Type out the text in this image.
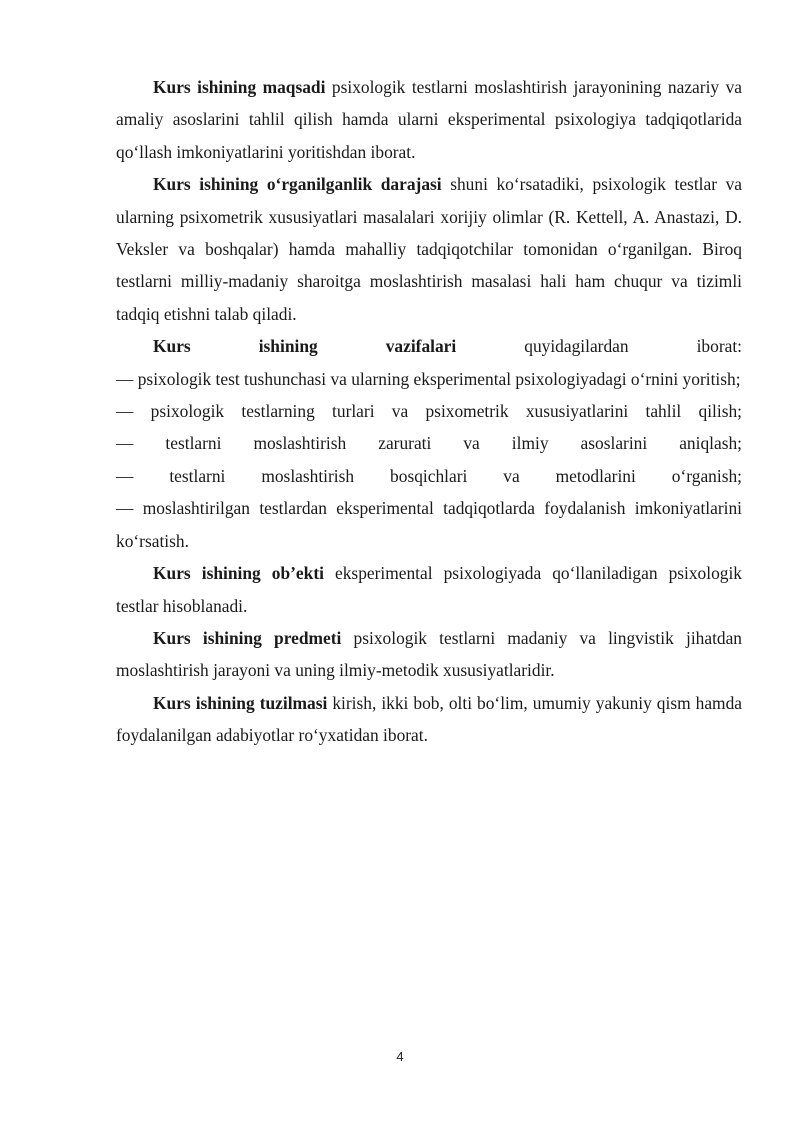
Kurs ishining maqsadi psixologik testlarni moslashtirish jarayonining nazariy va amaliy asoslarini tahlil qilish hamda ularni eksperimental psixologiya tadqiqotlarida qo‘llash imkoniyatlarini yoritishdan iborat.

Kurs ishining o‘rganilganlik darajasi shuni ko‘rsatadiki, psixologik testlar va ularning psixometrik xususiyatlari masalalari xorijiy olimlar (R. Kettell, A. Anastazi, D. Veksler va boshqalar) hamda mahalliy tadqiqotchilar tomonidan o‘rganilgan. Biroq testlarni milliy-madaniy sharoitga moslashtirish masalasi hali ham chuqur va tizimli tadqiq etishni talab qiladi.

Kurs ishining vazifalari quyidagilardan iborat:

— psixologik test tushunchasi va ularning eksperimental psixologiyadagi o‘rnini yoritish;

— psixologik testlarning turlari va psixometrik xususiyatlarini tahlil qilish;

— testlarni moslashtirish zarurati va ilmiy asoslarini aniqlash;

— testlarni moslashtirish bosqichlari va metodlarini o‘rganish;

— moslashtirilgan testlardan eksperimental tadqiqotlarda foydalanish imkoniyatlarini ko‘rsatish.

Kurs ishining ob’ekti eksperimental psixologiyada qo‘llaniladigan psixologik testlar hisoblanadi.

Kurs ishining predmeti psixologik testlarni madaniy va lingvistik jihatdan moslashtirish jarayoni va uning ilmiy-metodik xususiyatlaridir.

Kurs ishining tuzilmasi kirish, ikki bob, olti bo‘lim, umumiy yakuniy qism hamda foydalanilgan adabiyotlar ro‘yxatidan iborat.

4
